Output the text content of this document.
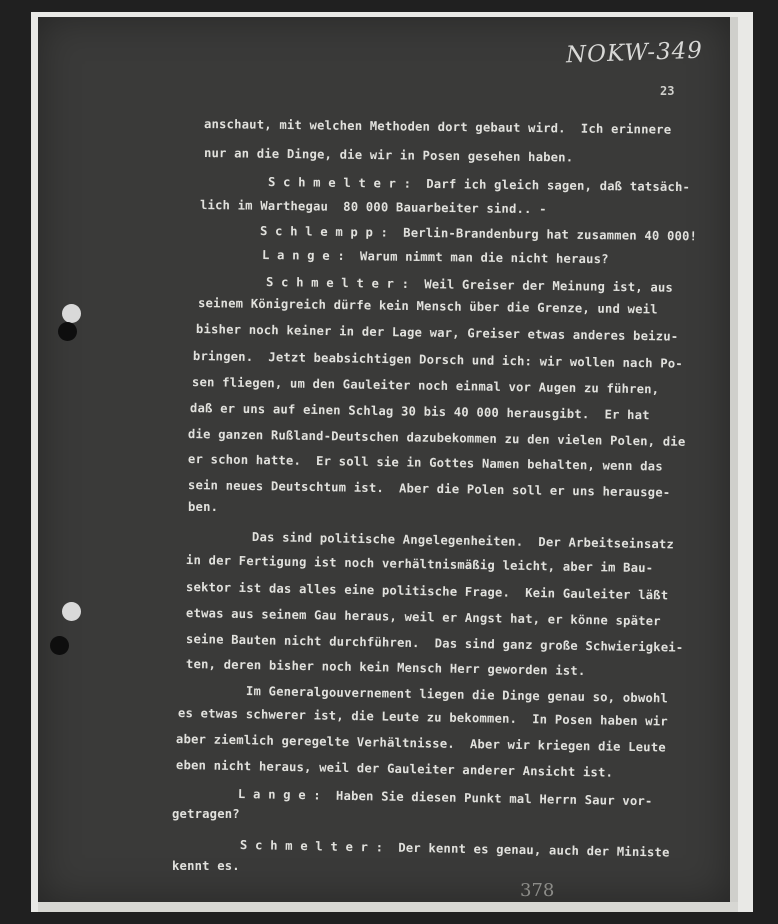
NOKW-349
23
anschaut, mit welchen Methoden dort gebaut wird.  Ich erinnere
nur an die Dinge, die wir in Posen gesehen haben.
S c h m e l t e r :  Darf ich gleich sagen, daß tatsäch-
lich im Warthegau  80 000 Bauarbeiter sind.. -
S c h l e m p p :  Berlin-Brandenburg hat zusammen 40 000!
L a n g e :  Warum nimmt man die nicht heraus?
S c h m e l t e r :  Weil Greiser der Meinung ist, aus
seinem Königreich dürfe kein Mensch über die Grenze, und weil
bisher noch keiner in der Lage war, Greiser etwas anderes beizu-
bringen.  Jetzt beabsichtigen Dorsch und ich: wir wollen nach Po-
sen fliegen, um den Gauleiter noch einmal vor Augen zu führen,
daß er uns auf einen Schlag 30 bis 40 000 herausgibt.  Er hat
die ganzen Rußland-Deutschen dazubekommen zu den vielen Polen, die
er schon hatte.  Er soll sie in Gottes Namen behalten, wenn das
sein neues Deutschtum ist.  Aber die Polen soll er uns herausge-
ben.
Das sind politische Angelegenheiten.  Der Arbeitseinsatz
in der Fertigung ist noch verhältnismäßig leicht, aber im Bau-
sektor ist das alles eine politische Frage.  Kein Gauleiter läßt
etwas aus seinem Gau heraus, weil er Angst hat, er könne später
seine Bauten nicht durchführen.  Das sind ganz große Schwierigkei-
ten, deren bisher noch kein Mensch Herr geworden ist.
Im Generalgouvernement liegen die Dinge genau so, obwohl
es etwas schwerer ist, die Leute zu bekommen.  In Posen haben wir
aber ziemlich geregelte Verhältnisse.  Aber wir kriegen die Leute
eben nicht heraus, weil der Gauleiter anderer Ansicht ist.
L a n g e :  Haben Sie diesen Punkt mal Herrn Saur vor-
getragen?
S c h m e l t e r :  Der kennt es genau, auch der Ministe
kennt es.
378
